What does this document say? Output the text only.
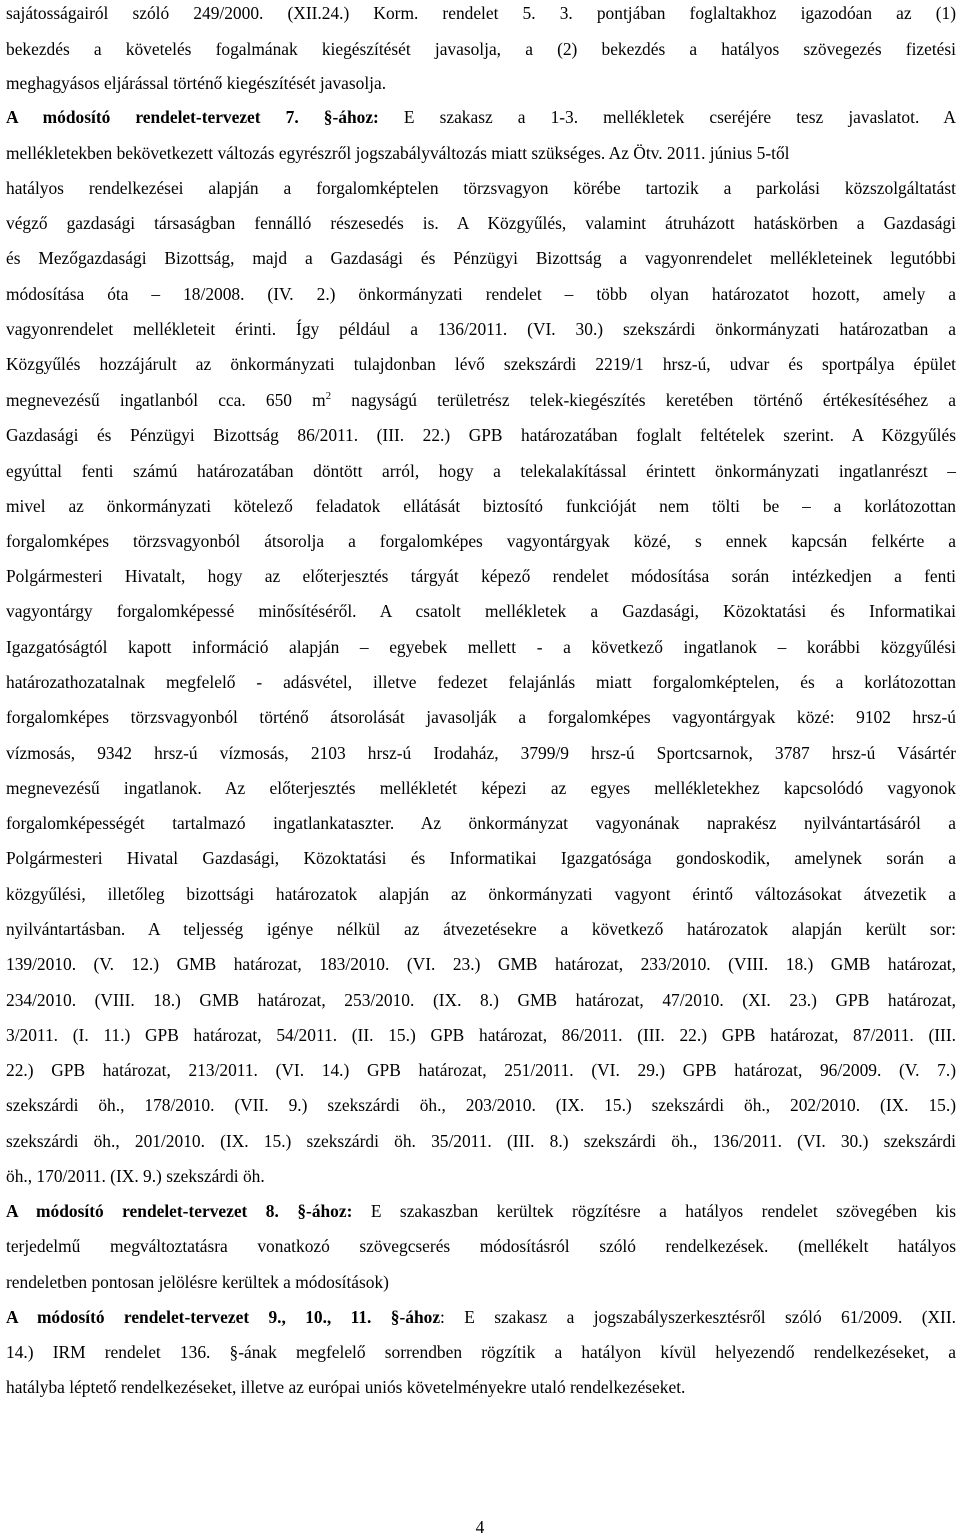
sajátosságairól szóló 249/2000. (XII.24.) Korm. rendelet 5. 3. pontjában foglaltakhoz igazodóan az (1)

bekezdés a követelés fogalmának kiegészítését javasolja, a (2) bekezdés a hatályos szövegezés fizetési

meghagyásos eljárással történő kiegészítését javasolja.

A módosító rendelet-tervezet 7. §-ához: E szakasz a 1-3. mellékletek cseréjére tesz javaslatot. A

mellékletekben bekövetkezett változás egyrészről jogszabályváltozás miatt szükséges. Az Ötv. 2011. június 5-től

hatályos rendelkezései alapján a forgalomképtelen törzsvagyon körébe tartozik a parkolási közszolgáltatást

végző gazdasági társaságban fennálló részesedés is. A Közgyűlés, valamint átruházott hatáskörben a Gazdasági

és Mezőgazdasági Bizottság, majd a Gazdasági és Pénzügyi Bizottság a vagyonrendelet mellékleteinek legutóbbi

módosítása óta – 18/2008. (IV. 2.) önkormányzati rendelet – több olyan határozatot hozott, amely a

vagyonrendelet mellékleteit érinti. Így például a 136/2011. (VI. 30.) szekszárdi önkormányzati határozatban a

Közgyűlés hozzájárult az önkormányzati tulajdonban lévő szekszárdi 2219/1 hrsz-ú, udvar és sportpálya épület

megnevezésű ingatlanból cca. 650 $m^2$ nagyságú területrész telek-kiegészítés keretében történő értékesítéséhez a

Gazdasági és Pénzügyi Bizottság 86/2011. (III. 22.) GPB határozatában foglalt feltételek szerint. A Közgyűlés

egyúttal fenti számú határozatában döntött arról, hogy a telekalakítással érintett önkormányzati ingatlanrészt –

mivel az önkormányzati kötelező feladatok ellátását biztosító funkcióját nem tölti be – a korlátozottan

forgalomképes törzsvagyonból átsorolja a forgalomképes vagyontárgyak közé, s ennek kapcsán felkérte a

Polgármesteri Hivatalt, hogy az előterjesztés tárgyát képező rendelet módosítása során intézkedjen a fenti

vagyontárgy forgalomképessé minősítéséről. A csatolt mellékletek a Gazdasági, Közoktatási és Informatikai

Igazgatóságtól kapott információ alapján – egyebek mellett - a következő ingatlanok – korábbi közgyűlési

határozathozatalnak megfelelő - adásvétel, illetve fedezet felajánlás miatt forgalomképtelen, és a korlátozottan

forgalomképes törzsvagyonból történő átsorolását javasolják a forgalomképes vagyontárgyak közé: 9102 hrsz-ú

vízmosás, 9342 hrsz-ú vízmosás, 2103 hrsz-ú Irodaház, 3799/9 hrsz-ú Sportcsarnok, 3787 hrsz-ú Vásártér

megnevezésű ingatlanok. Az előterjesztés mellékletét képezi az egyes mellékletekhez kapcsolódó vagyonok

forgalomképességét tartalmazó ingatlankataszter. Az önkormányzat vagyonának naprakész nyilvántartásáról a

Polgármesteri Hivatal Gazdasági, Közoktatási és Informatikai Igazgatósága gondoskodik, amelynek során a

közgyűlési, illetőleg bizottsági határozatok alapján az önkormányzati vagyont érintő változásokat átvezetik a

nyilvántartásban. A teljesség igénye nélkül az átvezetésekre a következő határozatok alapján került sor:

139/2010. (V. 12.) GMB határozat, 183/2010. (VI. 23.) GMB határozat, 233/2010. (VIII. 18.) GMB határozat,

234/2010. (VIII. 18.) GMB határozat, 253/2010. (IX. 8.) GMB határozat, 47/2010. (XI. 23.) GPB határozat,

3/2011. (I. 11.) GPB határozat, 54/2011. (II. 15.) GPB határozat, 86/2011. (III. 22.) GPB határozat, 87/2011. (III.

22.) GPB határozat, 213/2011. (VI. 14.) GPB határozat, 251/2011. (VI. 29.) GPB határozat, 96/2009. (V. 7.)

szekszárdi öh., 178/2010. (VII. 9.) szekszárdi öh., 203/2010. (IX. 15.) szekszárdi öh., 202/2010. (IX. 15.)

szekszárdi öh., 201/2010. (IX. 15.) szekszárdi öh. 35/2011. (III. 8.) szekszárdi öh., 136/2011. (VI. 30.) szekszárdi

öh., 170/2011. (IX. 9.) szekszárdi öh.

A módosító rendelet-tervezet 8. §-ához: E szakaszban kerültek rögzítésre a hatályos rendelet szövegében kis

terjedelmű megváltoztatásra vonatkozó szövegcserés módosításról szóló rendelkezések. (mellékelt hatályos

rendeletben pontosan jelölésre kerültek a módosítások)

A módosító rendelet-tervezet 9., 10., 11. §-ához: E szakasz a jogszabályszerkesztésről szóló 61/2009. (XII.

14.) IRM rendelet 136. §-ának megfelelő sorrendben rögzítik a hatályon kívül helyezendő rendelkezéseket, a

hatályba léptető rendelkezéseket, illetve az európai uniós követelményekre utaló rendelkezéseket.

4
